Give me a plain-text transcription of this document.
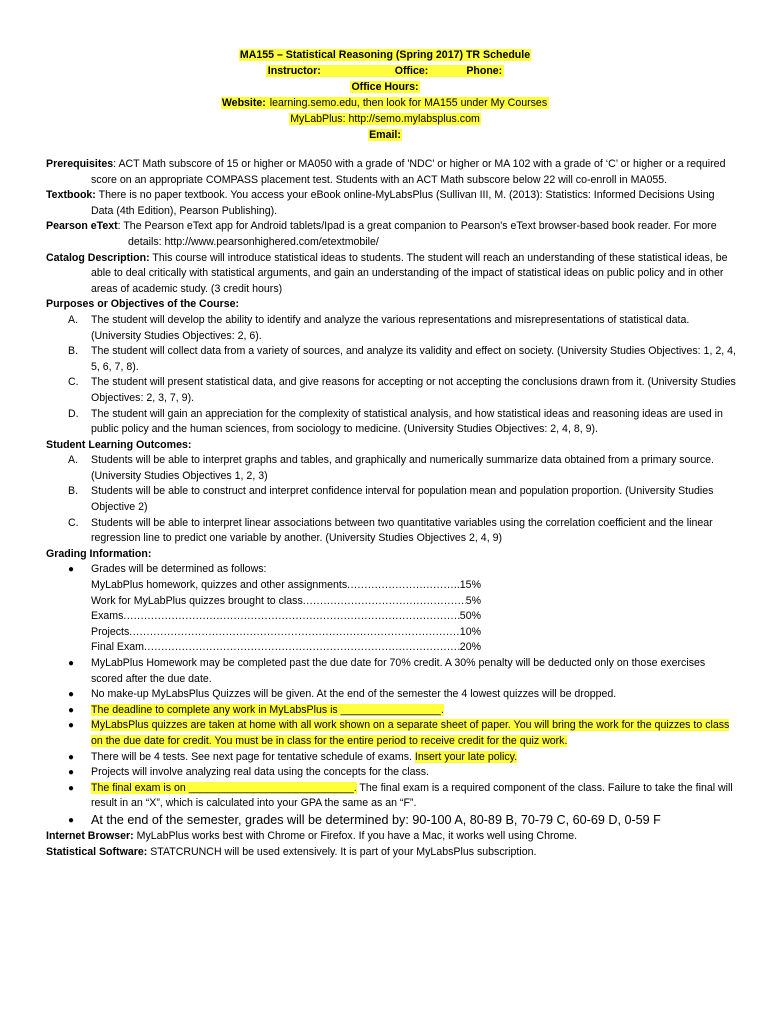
MA155 – Statistical Reasoning (Spring 2017) TR Schedule
Instructor:	Office:	Phone:
Office Hours:
Website: learning.semo.edu, then look for MA155 under My Courses
MyLabPlus: http://semo.mylabsplus.com
Email:

Prerequisites: ACT Math subscore of 15 or higher or MA050 with a grade of 'NDC' or higher or MA 102 with a grade of ‘C’ or higher or a required score on an appropriate COMPASS placement test. Students with an ACT Math subscore below 22 will co-enroll in MA055.

Textbook: There is no paper textbook. You access your eBook online-MyLabsPlus (Sullivan III, M. (2013): Statistics: Informed Decisions Using Data (4th Edition), Pearson Publishing).

Pearson eText: The Pearson eText app for Android tablets/Ipad is a great companion to Pearson's eText browser-based book reader. For more details: http://www.pearsonhighered.com/etextmobile/

Catalog Description: This course will introduce statistical ideas to students. The student will reach an understanding of these statistical ideas, be able to deal critically with statistical arguments, and gain an understanding of the impact of statistical ideas on public policy and in other areas of academic study. (3 credit hours)

Purposes or Objectives of the Course:

A. The student will develop the ability to identify and analyze the various representations and misrepresentations of statistical data. (University Studies Objectives: 2, 6).
B. The student will collect data from a variety of sources, and analyze its validity and effect on society. (University Studies Objectives: 1, 2, 4, 5, 6, 7, 8).
C. The student will present statistical data, and give reasons for accepting or not accepting the conclusions drawn from it. (University Studies Objectives: 2, 3, 7, 9).
D. The student will gain an appreciation for the complexity of statistical analysis, and how statistical ideas and reasoning ideas are used in public policy and the human sciences, from sociology to medicine. (University Studies Objectives: 2, 4, 8, 9).

Student Learning Outcomes:

A. Students will be able to interpret graphs and tables, and graphically and numerically summarize data obtained from a primary source. (University Studies Objectives 1, 2, 3)
B. Students will be able to construct and interpret confidence interval for population mean and population proportion. (University Studies Objective 2)
C. Students will be able to interpret linear associations between two quantitative variables using the correlation coefficient and the linear regression line to predict one variable by another. (University Studies Objectives 2, 4, 9)

Grading Information:

● Grades will be determined as follows:
MyLabPlus homework, quizzes and other assignments .....	.15%
Work for MyLabPlus quizzes brought to class .....	5%
Exams .....	50%
Projects .....	10%
Final Exam .....	20%
● MyLabPlus Homework may be completed past the due date for 70% credit. A 30% penalty will be deducted only on those exercises scored after the due date.
● No make-up MyLabsPlus Quizzes will be given. At the end of the semester the 4 lowest quizzes will be dropped.
● The deadline to complete any work in MyLabsPlus is _________________.
● MyLabsPlus quizzes are taken at home with all work shown on a separate sheet of paper. You will bring the work for the quizzes to class on the due date for credit. You must be in class for the entire period to receive credit for the quiz work.
● There will be 4 tests. See next page for tentative schedule of exams. Insert your late policy.
● Projects will involve analyzing real data using the concepts for the class.
● The final exam is on ____________________________. The final exam is a required component of the class. Failure to take the final will result in an “X”, which is calculated into your GPA the same as an “F”.
● At the end of the semester, grades will be determined by: 90-100 A, 80-89 B, 70-79 C, 60-69 D, 0-59 F

Internet Browser: MyLabPlus works best with Chrome or Firefox. If you have a Mac, it works well using Chrome.

Statistical Software: STATCRUNCH will be used extensively. It is part of your MyLabsPlus subscription.
